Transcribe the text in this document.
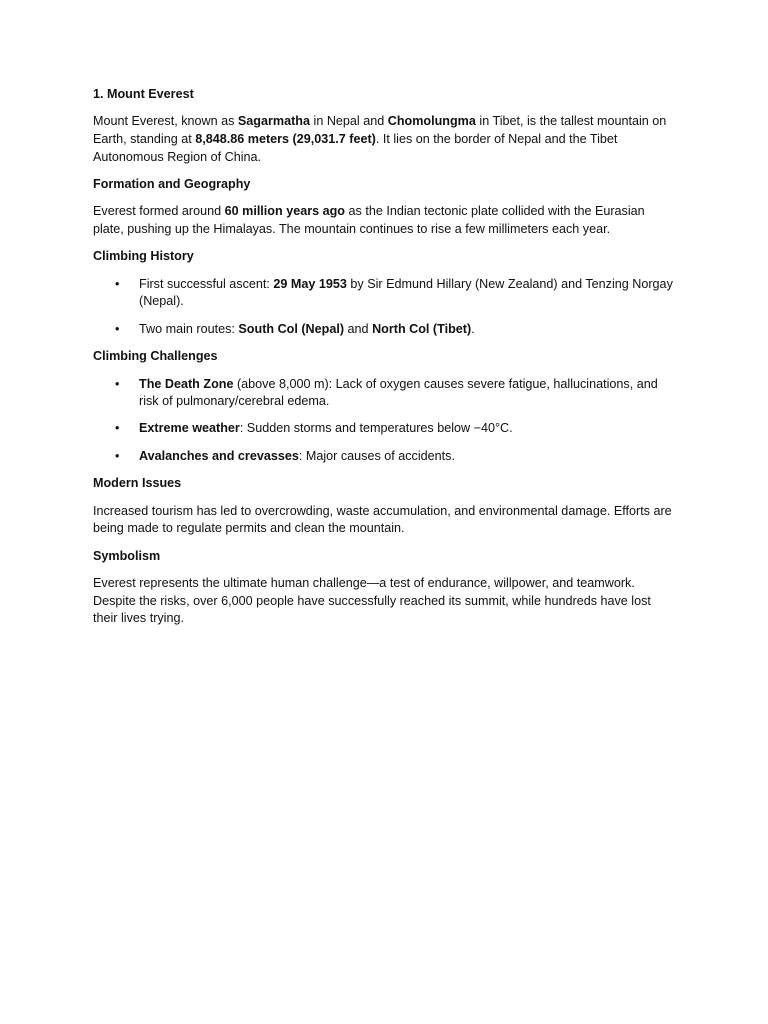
1. Mount Everest

Mount Everest, known as Sagarmatha in Nepal and Chomolungma in Tibet, is the tallest mountain on Earth, standing at 8,848.86 meters (29,031.7 feet). It lies on the border of Nepal and the Tibet Autonomous Region of China.

Formation and Geography

Everest formed around 60 million years ago as the Indian tectonic plate collided with the Eurasian plate, pushing up the Himalayas. The mountain continues to rise a few millimeters each year.

Climbing History
• First successful ascent: 29 May 1953 by Sir Edmund Hillary (New Zealand) and Tenzing Norgay (Nepal).
• Two main routes: South Col (Nepal) and North Col (Tibet).
Climbing Challenges
• The Death Zone (above 8,000 m): Lack of oxygen causes severe fatigue, hallucinations, and risk of pulmonary/cerebral edema.
• Extreme weather: Sudden storms and temperatures below −40°C.
• Avalanches and crevasses: Major causes of accidents.
Modern Issues

Increased tourism has led to overcrowding, waste accumulation, and environmental damage. Efforts are being made to regulate permits and clean the mountain.

Symbolism

Everest represents the ultimate human challenge—a test of endurance, willpower, and teamwork. Despite the risks, over 6,000 people have successfully reached its summit, while hundreds have lost their lives trying.
